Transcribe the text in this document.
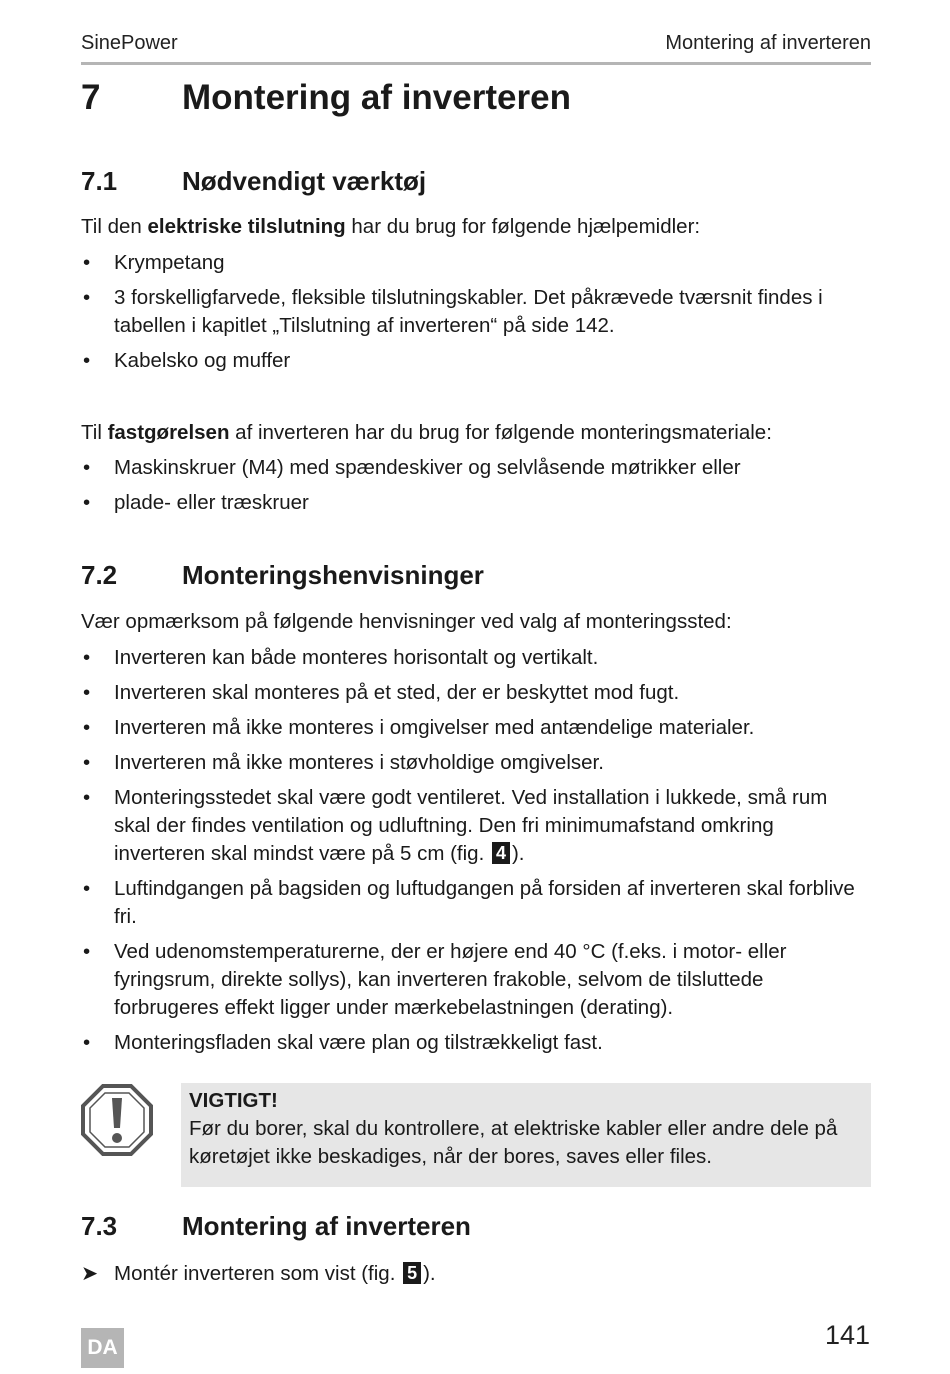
SinePower	Montering af inverteren
7 Montering af inverteren
7.1 Nødvendigt værktøj
Til den elektriske tilslutning har du brug for følgende hjælpemidler:
• Krympetang
• 3 forskelligfarvede, fleksible tilslutningskabler. Det påkrævede tværsnit findes i tabellen i kapitlet „Tilslutning af inverteren“ på side 142.
• Kabelsko og muffer
Til fastgørelsen af inverteren har du brug for følgende monteringsmateriale:
• Maskinskruer (M4) med spændeskiver og selvlåsende møtrikker eller
• plade- eller træskruer
7.2 Monteringshenvisninger
Vær opmærksom på følgende henvisninger ved valg af monteringssted:
• Inverteren kan både monteres horisontalt og vertikalt.
• Inverteren skal monteres på et sted, der er beskyttet mod fugt.
• Inverteren må ikke monteres i omgivelser med antændelige materialer.
• Inverteren må ikke monteres i støvholdige omgivelser.
• Monteringsstedet skal være godt ventileret. Ved installation i lukkede, små rum skal der findes ventilation og udluftning. Den fri minimumafstand omkring inverteren skal mindst være på 5 cm (fig. 4 ).
• Luftindgangen på bagsiden og luftudgangen på forsiden af inverteren skal forblive fri.
• Ved udenomstemperaturerne, der er højere end 40 °C (f.eks. i motor- eller fyringsrum, direkte sollys), kan inverteren frakoble, selvom de tilsluttede forbrugeres effekt ligger under mærkebelastningen (derating).
• Monteringsfladen skal være plan og tilstrækkeligt fast.
VIGTIGT!
Før du borer, skal du kontrollere, at elektriske kabler eller andre dele på køretøjet ikke beskadiges, når der bores, saves eller files.
7.3 Montering af inverteren
➤ Montér inverteren som vist (fig. 5 ).
DA	141
